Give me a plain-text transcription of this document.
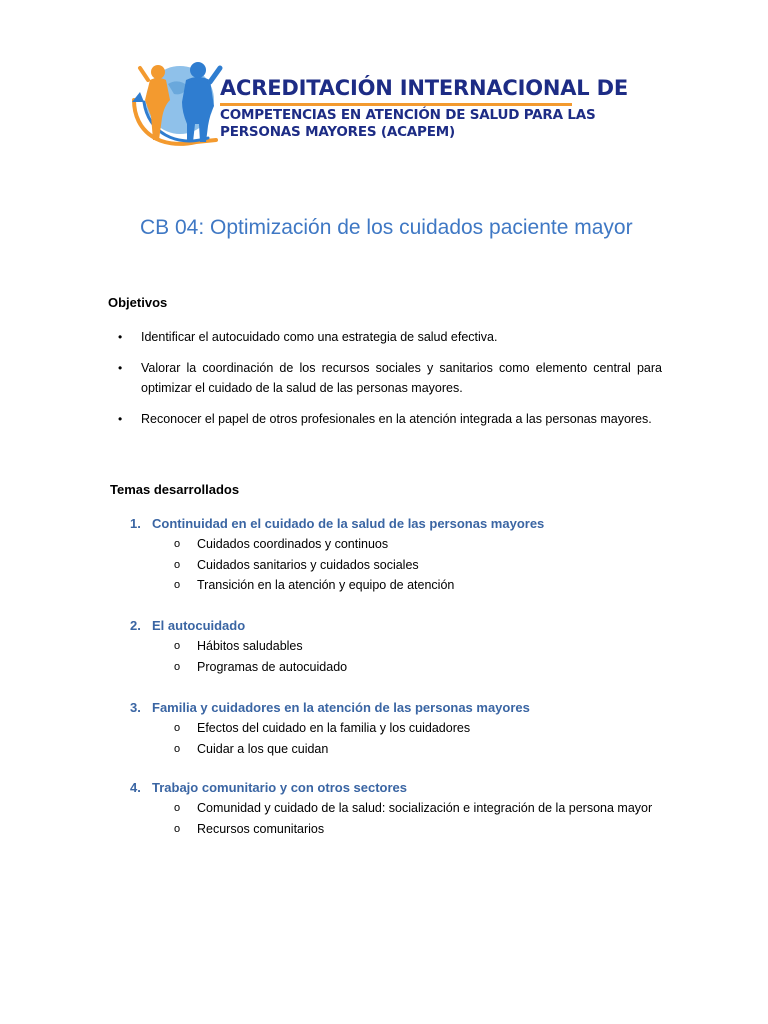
ACREDITACIÓN INTERNACIONAL DE
COMPETENCIAS EN ATENCIÓN DE SALUD PARA LAS
PERSONAS MAYORES (ACAPEM)
CB 04: Optimización de los cuidados paciente mayor
Objetivos
• Identificar el autocuidado como una estrategia de salud efectiva.
• Valorar la coordinación de los recursos sociales y sanitarios como elemento central para optimizar el cuidado de la salud de las personas mayores.
• Reconocer el papel de otros profesionales en la atención integrada a las personas mayores.
Temas desarrollados
1. Continuidad en el cuidado de la salud de las personas mayores
o Cuidados coordinados y continuos
o Cuidados sanitarios y cuidados sociales
o Transición en la atención y equipo de atención
2. El autocuidado
o Hábitos saludables
o Programas de autocuidado
3. Familia y cuidadores en la atención de las personas mayores
o Efectos del cuidado en la familia y los cuidadores
o Cuidar a los que cuidan
4. Trabajo comunitario y con otros sectores
o Comunidad y cuidado de la salud: socialización e integración de la persona mayor
o Recursos comunitarios
